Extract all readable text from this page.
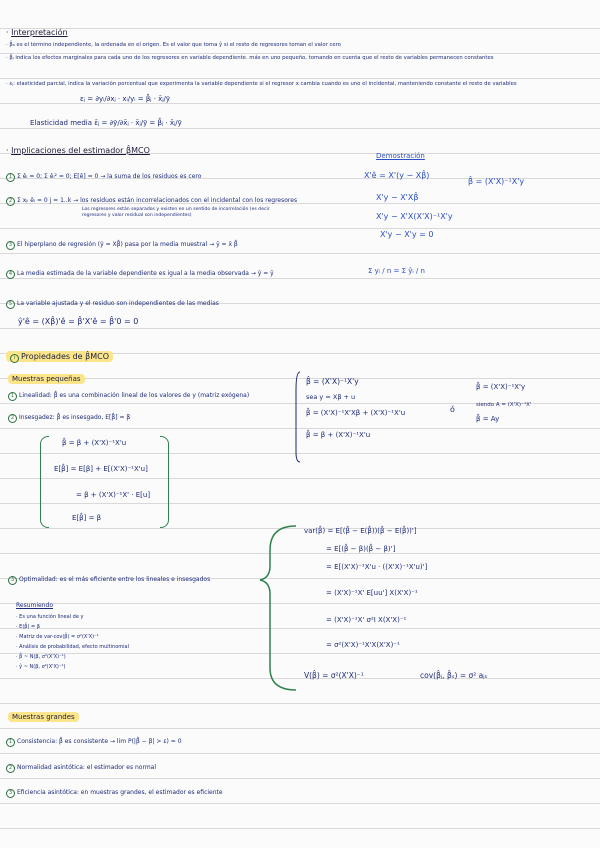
· Interpretación
· β̂₀ es el término independiente, la ordenada en el origen. Es el valor que toma ŷ si el resto de regresores toman el valor cero
· β̂ⱼ indica los efectos marginales para cada uno de los regresores en variable dependiente. más en uno pequeño, tomando en cuenta que el resto de variables permanecen constantes
· εⱼ: elasticidad parcial, indica la variación porcentual que experimenta la variable dependiente si el regresor x cambia cuando es uno el incidental, manteniendo constante el resto de variables
εⱼ = ∂yᵢ/∂xⱼ · xᵢ/yᵢ = β̂ⱼ · x̄ⱼ/ȳ
Elasticidad media ε̄ⱼ = ∂ȳ/∂x̄ⱼ · x̄ⱼ/ȳ = β̂ⱼ · x̄ⱼ/ȳ
· Implicaciones del estimador β̂MCO
Demostración
X'ê = X'(y − Xβ̂)
β̂ = (X'X)⁻¹X'y
X'y − X'Xβ̂
X'y − X'X(X'X)⁻¹X'y
X'y − X'y = 0
1 Σ êᵢ = 0; Σ êᵢ² = 0; E[ê] = 0 → la suma de los residuos es cero
2 Σ xⱼᵢ êᵢ = 0 j = 1..k → los residuos están incorrelacionados con el incidental con los regresores
Los regresores están separados y existen en un sentido de incorrelación (es decir regresores y valor residual son independientes)
3 El hiperplano de regresión (ŷ = Xβ̂) pasa por la media muestral → ȳ = x̄ β̂
4 La media estimada de la variable dependiente es igual a la media observada → ŷ = ȳ	Σ yᵢ / n = Σ ŷᵢ / n
5 La variable ajustada y el residuo son independientes de las medias
ŷ'ê = (Xβ̂)'ê = β̂'X'ê = β̂'0 = 0
i Propiedades de β̂MCO
Muestras pequeñas
1 Linealidad: β̂ es una combinación lineal de los valores de y (matriz exógena)
2 Insesgadez: β̂ es insesgado, E[β̂] = β
β̂ = (X'X)⁻¹X'y
sea y = Xβ + u
β̂ = (X'X)⁻¹X'Xβ + (X'X)⁻¹X'u
β̂ = β + (X'X)⁻¹X'u
β̂ = (X'X)⁻¹X'y
siendo A = (X'X)⁻¹X'
β̂ = Ay
ó
β̂ = β + (X'X)⁻¹X'u
E[β̂] = E[β] + E[(X'X)⁻¹X'u]
= β + (X'X)⁻¹X' · E[u]
E[β̂] = β
3 Optimalidad: es el más eficiente entre los lineales e insesgados
var(β̂) = E[(β̂ − E(β̂))(β̂ − E(β̂))']
= E[(β̂ − β)(β̂ − β)']
= E[(X'X)⁻¹X'u · ((X'X)⁻¹X'u)']
= (X'X)⁻¹X' E[uu'] X(X'X)⁻¹
= (X'X)⁻¹X' σ²I X(X'X)⁻¹
= σ²(X'X)⁻¹X'X(X'X)⁻¹
V(β̂) = σ²(X'X)⁻¹	cov(β̂ⱼ, β̂ₛ) = σ² aⱼₛ
Resumiendo
· Es una función lineal de y
· E(β̂) = β
· Matriz de var-cov(β̂) = σ²(X'X)⁻¹
· Análisis de probabilidad, efecto multinomial
· β̂ ~ N(β, σ²(X'X)⁻¹)
· ŷ ~ N(β, σ²(X'X)⁻¹)
Muestras grandes
1 Consistencia: β̂ es consistente → lim P(|β̂ − β| > ε) = 0
2 Normalidad asintótica: el estimador es normal
3 Eficiencia asintótica: en muestras grandes, el estimador es eficiente
